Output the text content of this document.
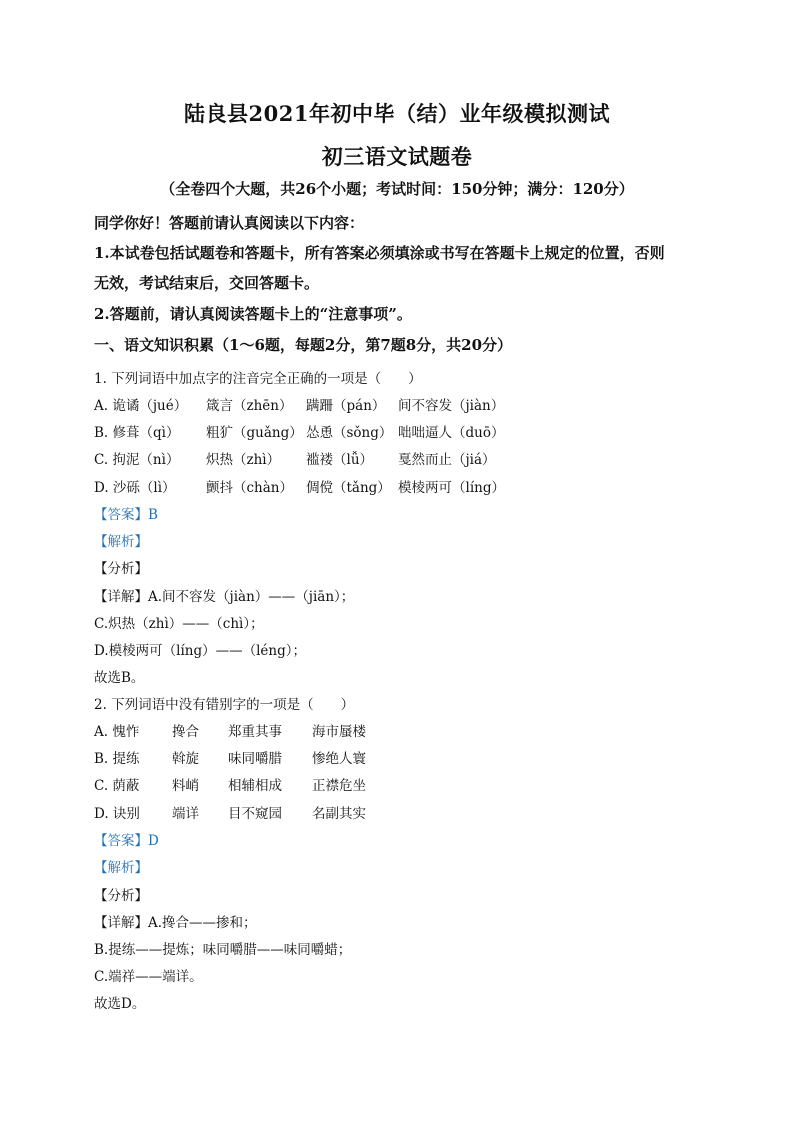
陆良县2021年初中毕（结）业年级模拟测试
初三语文试题卷
（全卷四个大题，共26个小题；考试时间：150分钟；满分：120分）
同学你好！答题前请认真阅读以下内容：
1.本试卷包括试题卷和答题卡，所有答案必须填涂或书写在答题卡上规定的位置，否则
无效，考试结束后，交回答题卡。
2.答题前，请认真阅读答题卡上的“注意事项”。
一、语文知识积累（1～6题，每题2分，第7题8分，共20分）
1. 下列词语中加点字的注音完全正确的一项是（　　）
A. 诡谲（jué） 箴言（zhēn） 蹒跚（pán） 间不容发（jiàn）
B. 修葺（qì） 粗犷（guǎng） 怂恿（sǒng） 咄咄逼人（duō）
C. 拘泥（nì） 炽热（zhì） 褴褛（lǚ） 戛然而止（jiá）
D. 沙砾（lì） 颤抖（chàn） 倜傥（tǎng） 模棱两可（líng）
【答案】B
【解析】
【分析】
【详解】A.间不容发（jiàn）——（jiān）；
C.炽热（zhì）——（chì）；
D.模棱两可（líng）——（léng）；
故选B。
2. 下列词语中没有错别字的一项是（　　）
A. 愧怍 搀合 郑重其事 海市蜃楼
B. 提练 斡旋 味同嚼腊 惨绝人寰
C. 荫蔽 料峭 相辅相成 正襟危坐
D. 诀别 端详 目不窥园 名副其实
【答案】D
【解析】
【分析】
【详解】A.搀合——掺和；
B.提练——提炼；味同嚼腊——味同嚼蜡；
C.端祥——端详。
故选D。
